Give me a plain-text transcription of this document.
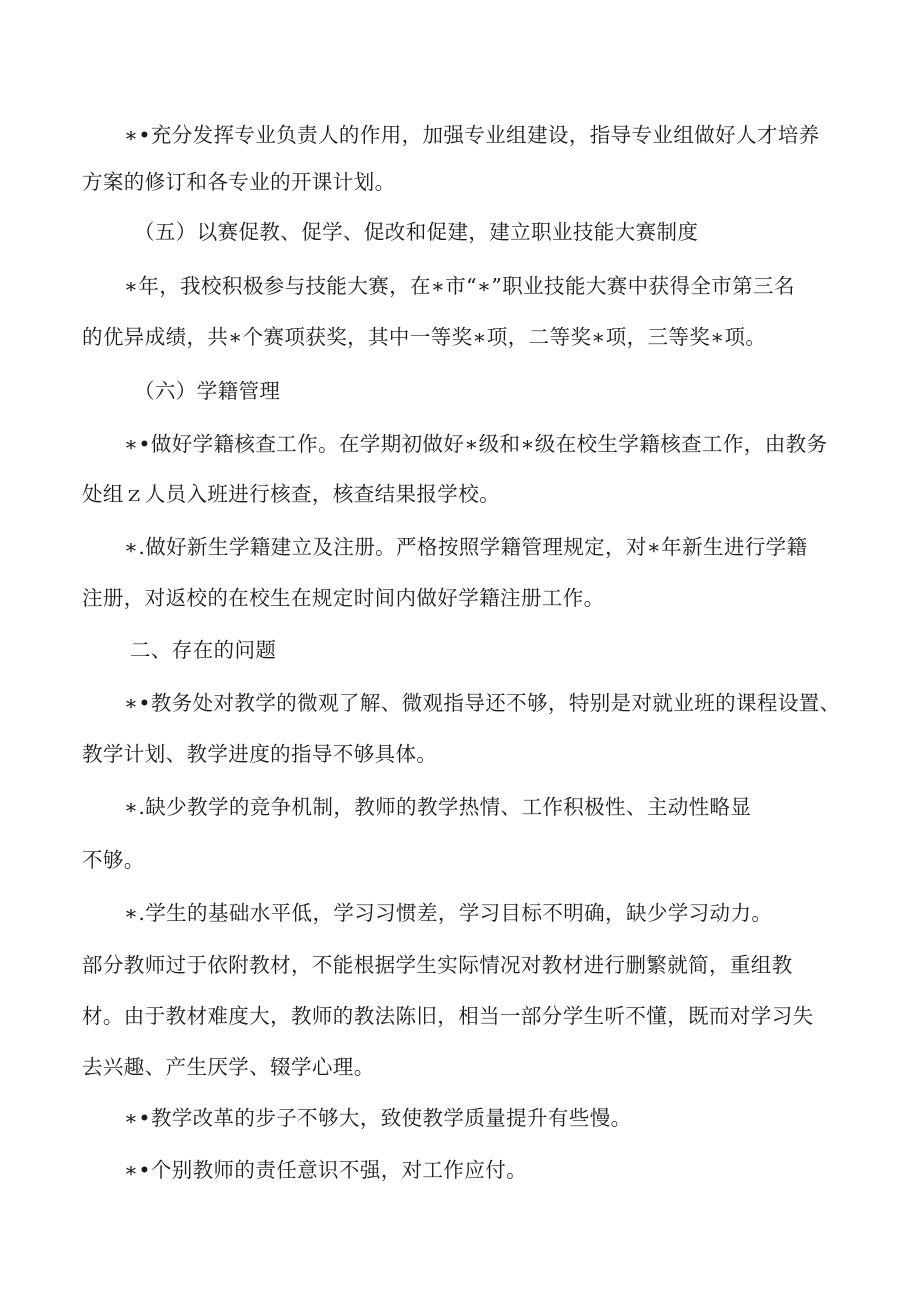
∗•充分发挥专业负责人的作用，加强专业组建设，指导专业组做好人才培养
方案的修订和各专业的开课计划。
（五）以赛促教、促学、促改和促建，建立职业技能大赛制度
∗年，我校积极参与技能大赛，在∗市“∗”职业技能大赛中获得全市第三名
的优异成绩，共∗个赛项获奖，其中一等奖∗项，二等奖∗项，三等奖∗项。
（六）学籍管理
∗•做好学籍核查工作。在学期初做好∗级和∗级在校生学籍核查工作，由教务
处组ｚ人员入班进行核查，核查结果报学校。
∗.做好新生学籍建立及注册。严格按照学籍管理规定，对∗年新生进行学籍
注册，对返校的在校生在规定时间内做好学籍注册工作。
二、存在的问题
∗•教务处对教学的微观了解、微观指导还不够，特别是对就业班的课程设置、
教学计划、教学进度的指导不够具体。
∗.缺少教学的竞争机制，教师的教学热情、工作积极性、主动性略显
不够。
∗.学生的基础水平低，学习习惯差，学习目标不明确，缺少学习动力。
部分教师过于依附教材，不能根据学生实际情况对教材进行删繁就简，重组教
材。由于教材难度大，教师的教法陈旧，相当一部分学生听不懂，既而对学习失
去兴趣、产生厌学、辍学心理。
∗•教学改革的步子不够大，致使教学质量提升有些慢。
∗•个别教师的责任意识不强，对工作应付。
